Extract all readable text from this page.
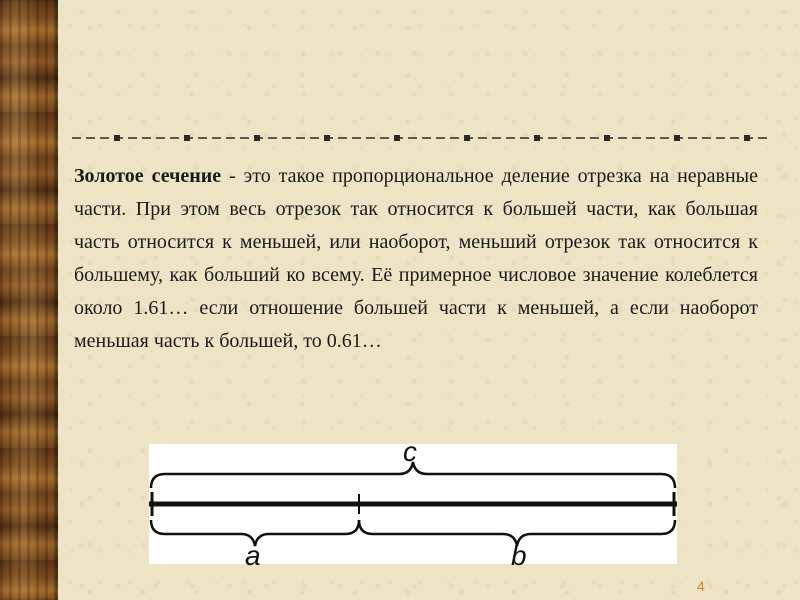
Золотое сечение - это такое пропорциональное деление отрезка на неравные части. При этом весь отрезок так относится к большей части, как большая часть относится к меньшей, или наоборот, меньший отрезок так относится к большему, как больший ко всему. Её примерное числовое значение колеблется около 1.61… если отношение большей части к меньшей, а если наоборот меньшая часть к большей, то 0.61…
c
a	b
4
